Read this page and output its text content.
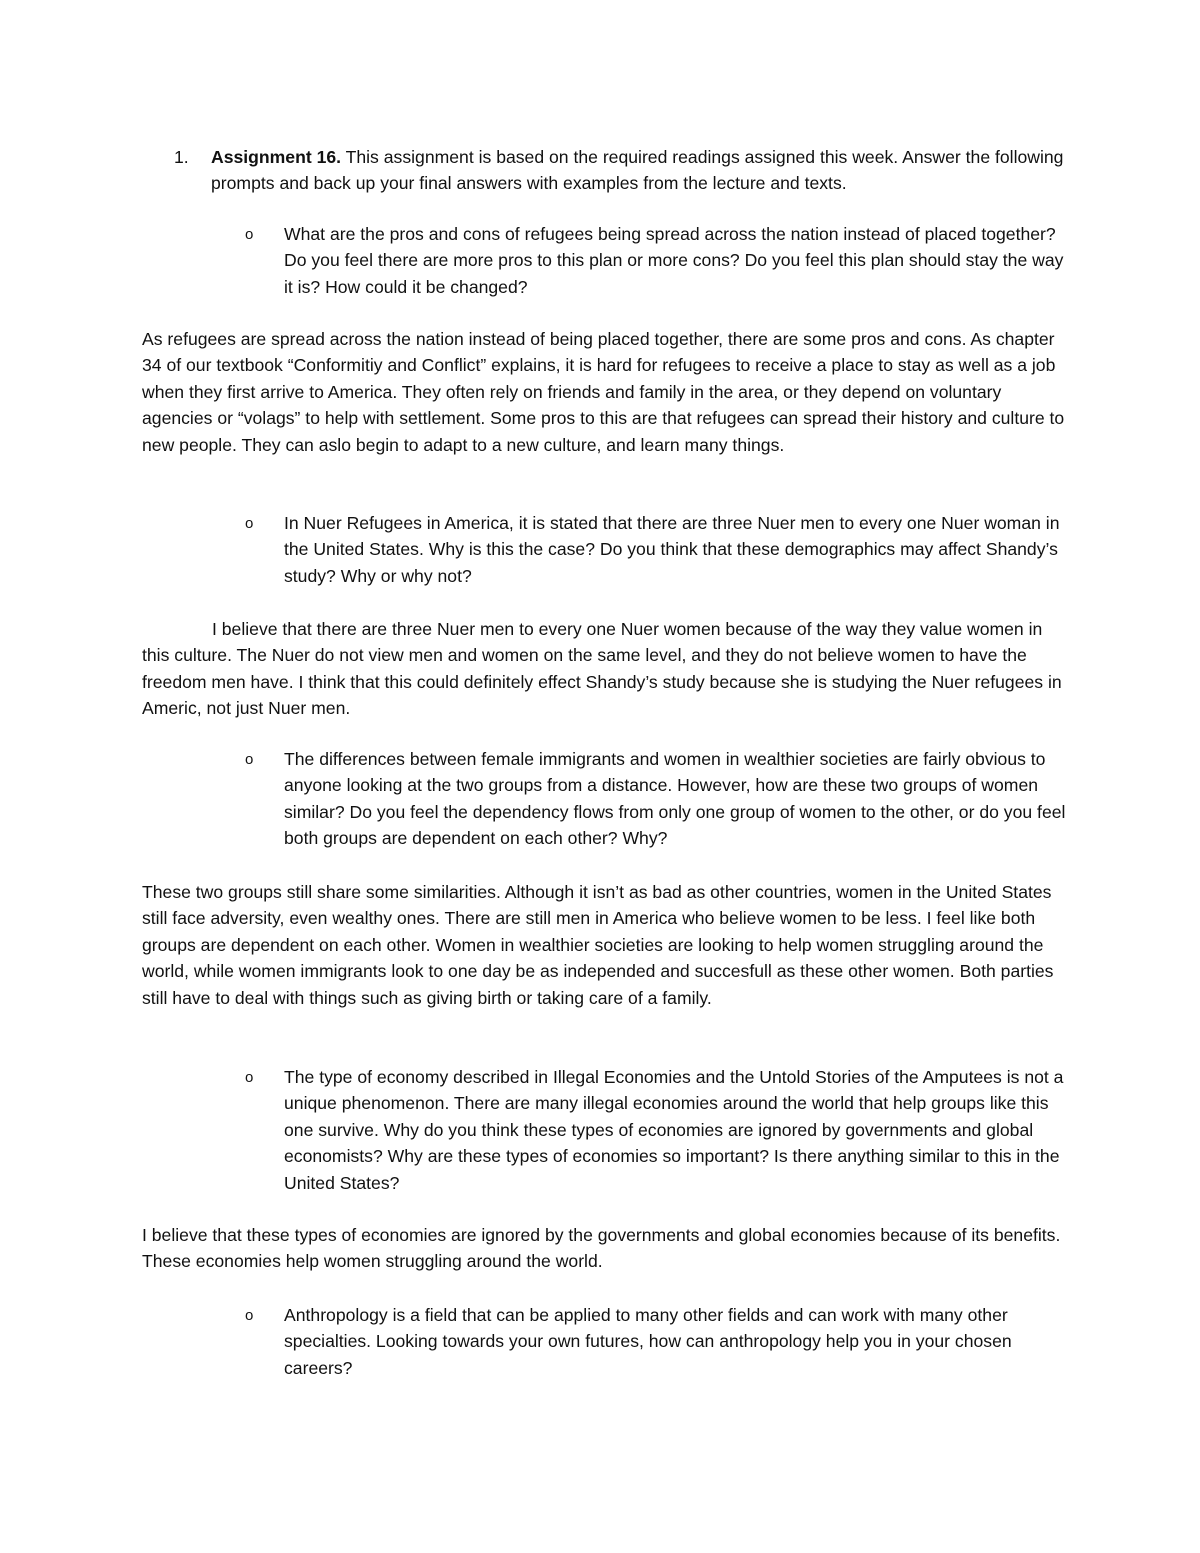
1.	Assignment 16. This assignment is based on the required readings assigned this week. Answer the following prompts and back up your final answers with examples from the lecture and texts.

o	What are the pros and cons of refugees being spread across the nation instead of placed together? Do you feel there are more pros to this plan or more cons? Do you feel this plan should stay the way it is? How could it be changed?

As refugees are spread across the nation instead of being placed together, there are some pros and cons. As chapter 34 of our textbook “Conformitiy and Conflict” explains, it is hard for refugees to receive a place to stay as well as a job when they first arrive to America. They often rely on friends and family in the area, or they depend on voluntary agencies or “volags” to help with settlement. Some pros to this are that refugees can spread their history and culture to new people. They can aslo begin to adapt to a new culture, and learn many things.

o	In Nuer Refugees in America, it is stated that there are three Nuer men to every one Nuer woman in the United States. Why is this the case? Do you think that these demographics may affect Shandy’s study? Why or why not?

I believe that there are three Nuer men to every one Nuer women because of the way they value women in this culture. The Nuer do not view men and women on the same level, and they do not believe women to have the freedom men have. I think that this could definitely effect Shandy’s study because she is studying the Nuer refugees in Americ, not just Nuer men.

o	The differences between female immigrants and women in wealthier societies are fairly obvious to anyone looking at the two groups from a distance. However, how are these two groups of women similar? Do you feel the dependency flows from only one group of women to the other, or do you feel both groups are dependent on each other? Why?

These two groups still share some similarities. Although it isn’t as bad as other countries, women in the United States still face adversity, even wealthy ones. There are still men in America who believe women to be less. I feel like both groups are dependent on each other. Women in wealthier societies are looking to help women struggling around the world, while women immigrants look to one day be as independed and succesfull as these other women. Both parties still have to deal with things such as giving birth or taking care of a family.

o	The type of economy described in Illegal Economies and the Untold Stories of the Amputees is not a unique phenomenon. There are many illegal economies around the world that help groups like this one survive. Why do you think these types of economies are ignored by governments and global economists? Why are these types of economies so important? Is there anything similar to this in the United States?

I believe that these types of economies are ignored by the governments and global economies because of its benefits. These economies help women struggling around the world.

o	Anthropology is a field that can be applied to many other fields and can work with many other specialties. Looking towards your own futures, how can anthropology help you in your chosen careers?
